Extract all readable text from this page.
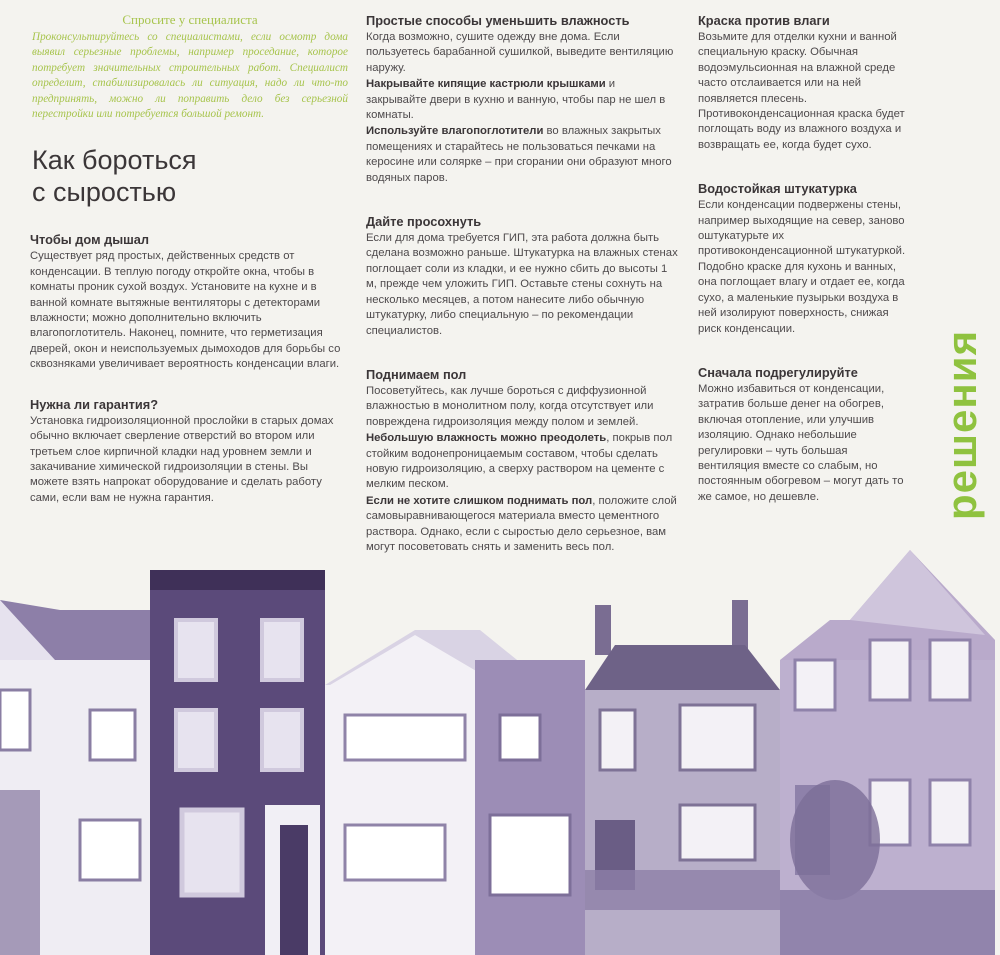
Спросите у специалиста

Проконсультируйтесь со специалистами, если осмотр дома выявил серьезные проблемы, например проседание, которое потребует значительных строительных работ. Специалист определит, стабилизировалась ли ситуация, надо ли что-то предпринять, можно ли поправить дело без серьезной перестройки или потребуется большой ремонт.

Как бороться
с сыростью
Чтобы дом дышал

Существует ряд простых, действенных средств от конденсации. В теплую погоду откройте окна, чтобы в комнаты проник сухой воздух. Установите на кухне и в ванной комнате вытяжные вентиляторы с детекторами влажности; можно дополнительно включить влагопоглотитель. Наконец, помните, что герметизация дверей, окон и неиспользуемых дымоходов для борьбы со сквозняками увеличивает вероятность конденсации влаги.

Нужна ли гарантия?

Установка гидроизоляционной прослойки в старых домах обычно включает сверление отверстий во втором или третьем слое кирпичной кладки над уровнем земли и закачивание химической гидроизоляции в стены. Вы можете взять напрокат оборудование и сделать работу сами, если вам не нужна гарантия.

Простые способы уменьшить влажность

Когда возможно, сушите одежду вне дома. Если пользуетесь барабанной сушилкой, выведите вентиляцию наружу.

Накрывайте кипящие кастрюли крышками и закрывайте двери в кухню и ванную, чтобы пар не шел в комнаты.

Используйте влагопоглотители во влажных закрытых помещениях и старайтесь не пользоваться печками на керосине или солярке – при сгорании они образуют много водяных паров.

Дайте просохнуть

Если для дома требуется ГИП, эта работа должна быть сделана возможно раньше. Штукатурка на влажных стенах поглощает соли из кладки, и ее нужно сбить до высоты 1 м, прежде чем уложить ГИП. Оставьте стены сохнуть на несколько месяцев, а потом нанесите либо обычную штукатурку, либо специальную – по рекомендации специалистов.

Поднимаем пол

Посоветуйтесь, как лучше бороться с диффузионной влажностью в монолитном полу, когда отсутствует или повреждена гидроизоляция между полом и землей.

Небольшую влажность можно преодолеть, покрыв пол стойким водонепроницаемым составом, чтобы сделать новую гидроизоляцию, а сверху раствором на цементе с мелким песком.

Если не хотите слишком поднимать пол, положите слой самовыравнивающегося материала вместо цементного раствора. Однако, если с сыростью дело серьезное, вам могут посоветовать снять и заменить весь пол.

Краска против влаги

Возьмите для отделки кухни и ванной специальную краску. Обычная водоэмульсионная на влажной среде часто отслаивается или на ней появляется плесень. Противоконденсационная краска будет поглощать воду из влажного воздуха и возвращать ее, когда будет сухо.

Водостойкая штукатурка

Если конденсации подвержены стены, например выходящие на север, заново оштукатурьте их противоконденсационной штукатуркой. Подобно краске для кухонь и ванных, она поглощает влагу и отдает ее, когда сухо, а маленькие пузырьки воздуха в ней изолируют поверхность, снижая риск конденсации.

Сначала подрегулируйте

Можно избавиться от конденсации, затратив больше денег на обогрев, включая отопление, или улучшив изоляцию. Однако небольшие регулировки – чуть большая вентиляция вместе со слабым, но постоянным обогревом – могут дать то же самое, но дешевле.	решения
